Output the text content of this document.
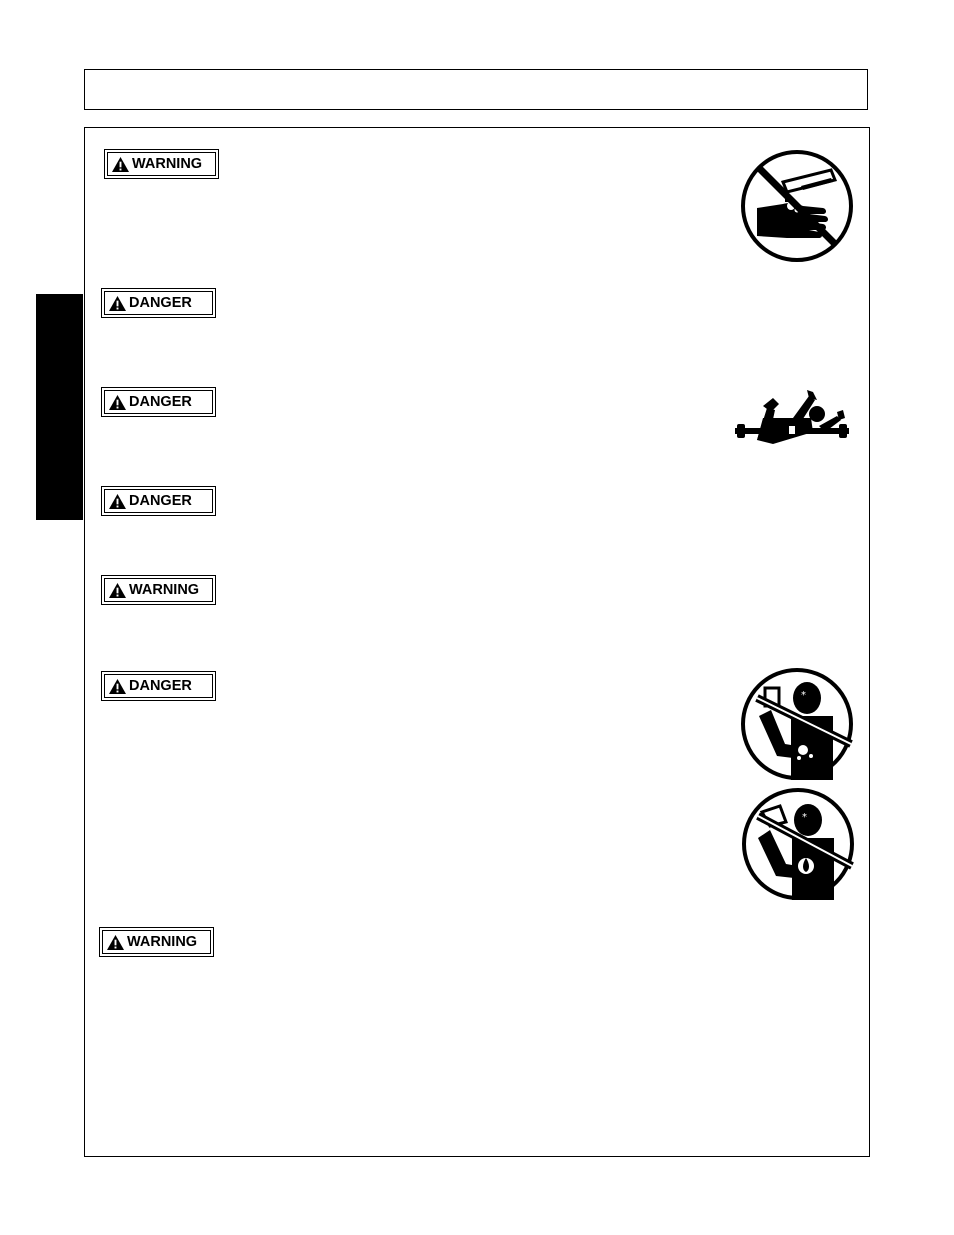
WARNING
DANGER
DANGER
DANGER
WARNING
DANGER
WARNING
*
*
